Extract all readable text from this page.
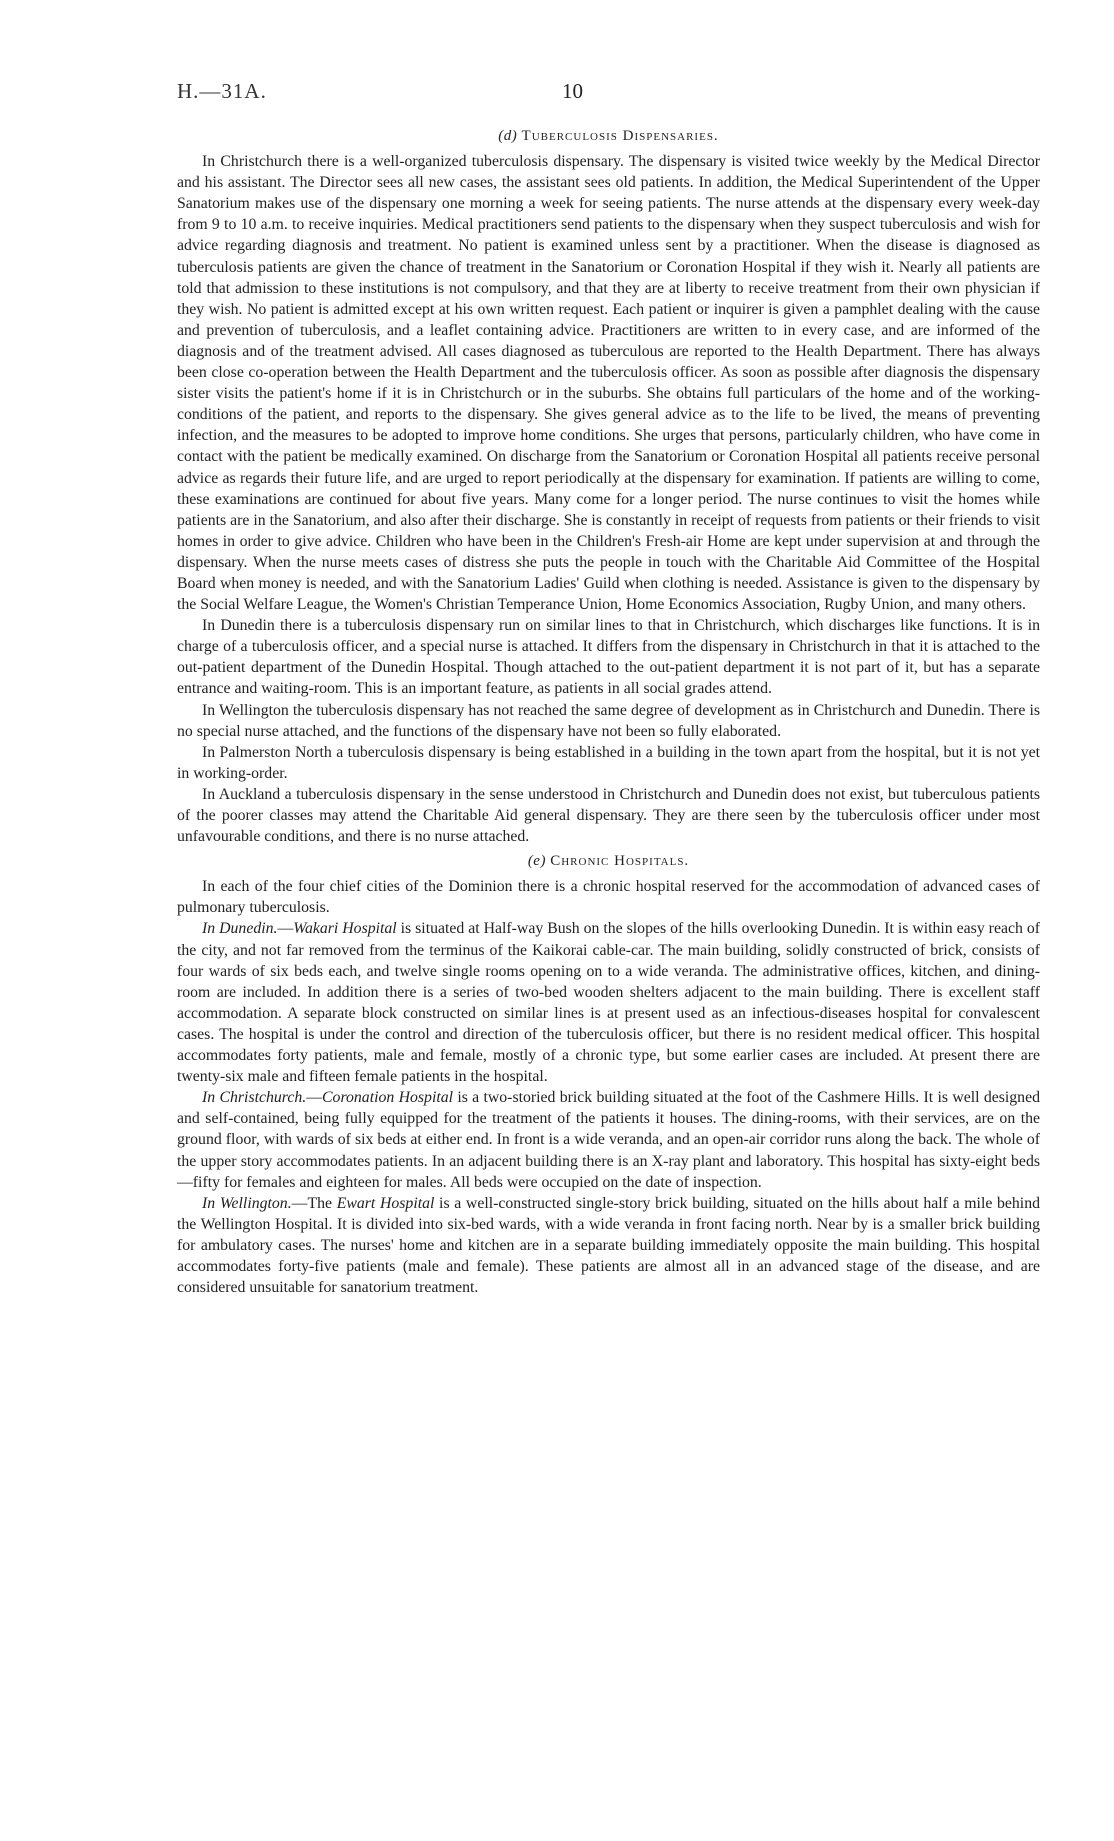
H.—31A.	10
(d) Tuberculosis Dispensaries.

In Christchurch there is a well-organized tuberculosis dispensary. The dispensary is visited twice weekly by the Medical Director and his assistant. The Director sees all new cases, the assistant sees old patients. In addition, the Medical Superintendent of the Upper Sanatorium makes use of the dispensary one morning a week for seeing patients. The nurse attends at the dispensary every week-day from 9 to 10 a.m. to receive inquiries. Medical practitioners send patients to the dispensary when they suspect tuberculosis and wish for advice regarding diagnosis and treatment. No patient is examined unless sent by a practitioner. When the disease is diagnosed as tuberculosis patients are given the chance of treatment in the Sanatorium or Coronation Hospital if they wish it. Nearly all patients are told that admission to these institutions is not compulsory, and that they are at liberty to receive treatment from their own physician if they wish. No patient is admitted except at his own written request. Each patient or inquirer is given a pamphlet dealing with the cause and prevention of tuberculosis, and a leaflet containing advice. Practitioners are written to in every case, and are informed of the diagnosis and of the treatment advised. All cases diagnosed as tuberculous are reported to the Health Department. There has always been close co-operation between the Health Department and the tuberculosis officer. As soon as possible after diagnosis the dispensary sister visits the patient's home if it is in Christchurch or in the suburbs. She obtains full particulars of the home and of the working-conditions of the patient, and reports to the dispensary. She gives general advice as to the life to be lived, the means of preventing infection, and the measures to be adopted to improve home conditions. She urges that persons, particularly children, who have come in contact with the patient be medically examined. On discharge from the Sanatorium or Coronation Hospital all patients receive personal advice as regards their future life, and are urged to report periodically at the dispensary for examination. If patients are willing to come, these examinations are continued for about five years. Many come for a longer period. The nurse continues to visit the homes while patients are in the Sanatorium, and also after their discharge. She is constantly in receipt of requests from patients or their friends to visit homes in order to give advice. Children who have been in the Children's Fresh-air Home are kept under supervision at and through the dispensary. When the nurse meets cases of distress she puts the people in touch with the Charitable Aid Committee of the Hospital Board when money is needed, and with the Sanatorium Ladies' Guild when clothing is needed. Assistance is given to the dispensary by the Social Welfare League, the Women's Christian Temperance Union, Home Economics Association, Rugby Union, and many others.

In Dunedin there is a tuberculosis dispensary run on similar lines to that in Christchurch, which discharges like functions. It is in charge of a tuberculosis officer, and a special nurse is attached. It differs from the dispensary in Christchurch in that it is attached to the out-patient department of the Dunedin Hospital. Though attached to the out-patient department it is not part of it, but has a separate entrance and waiting-room. This is an important feature, as patients in all social grades attend.

In Wellington the tuberculosis dispensary has not reached the same degree of development as in Christchurch and Dunedin. There is no special nurse attached, and the functions of the dispensary have not been so fully elaborated.

In Palmerston North a tuberculosis dispensary is being established in a building in the town apart from the hospital, but it is not yet in working-order.

In Auckland a tuberculosis dispensary in the sense understood in Christchurch and Dunedin does not exist, but tuberculous patients of the poorer classes may attend the Charitable Aid general dispensary. They are there seen by the tuberculosis officer under most unfavourable conditions, and there is no nurse attached.

(e) Chronic Hospitals.

In each of the four chief cities of the Dominion there is a chronic hospital reserved for the accommodation of advanced cases of pulmonary tuberculosis.

In Dunedin.—Wakari Hospital is situated at Half-way Bush on the slopes of the hills overlooking Dunedin. It is within easy reach of the city, and not far removed from the terminus of the Kaikorai cable-car. The main building, solidly constructed of brick, consists of four wards of six beds each, and twelve single rooms opening on to a wide veranda. The administrative offices, kitchen, and dining-room are included. In addition there is a series of two-bed wooden shelters adjacent to the main building. There is excellent staff accommodation. A separate block constructed on similar lines is at present used as an infectious-diseases hospital for convalescent cases. The hospital is under the control and direction of the tuberculosis officer, but there is no resident medical officer. This hospital accommodates forty patients, male and female, mostly of a chronic type, but some earlier cases are included. At present there are twenty-six male and fifteen female patients in the hospital.

In Christchurch.—Coronation Hospital is a two-storied brick building situated at the foot of the Cashmere Hills. It is well designed and self-contained, being fully equipped for the treatment of the patients it houses. The dining-rooms, with their services, are on the ground floor, with wards of six beds at either end. In front is a wide veranda, and an open-air corridor runs along the back. The whole of the upper story accommodates patients. In an adjacent building there is an X-ray plant and laboratory. This hospital has sixty-eight beds—fifty for females and eighteen for males. All beds were occupied on the date of inspection.

In Wellington.—The Ewart Hospital is a well-constructed single-story brick building, situated on the hills about half a mile behind the Wellington Hospital. It is divided into six-bed wards, with a wide veranda in front facing north. Near by is a smaller brick building for ambulatory cases. The nurses' home and kitchen are in a separate building immediately opposite the main building. This hospital accommodates forty-five patients (male and female). These patients are almost all in an advanced stage of the disease, and are considered unsuitable for sanatorium treatment.
